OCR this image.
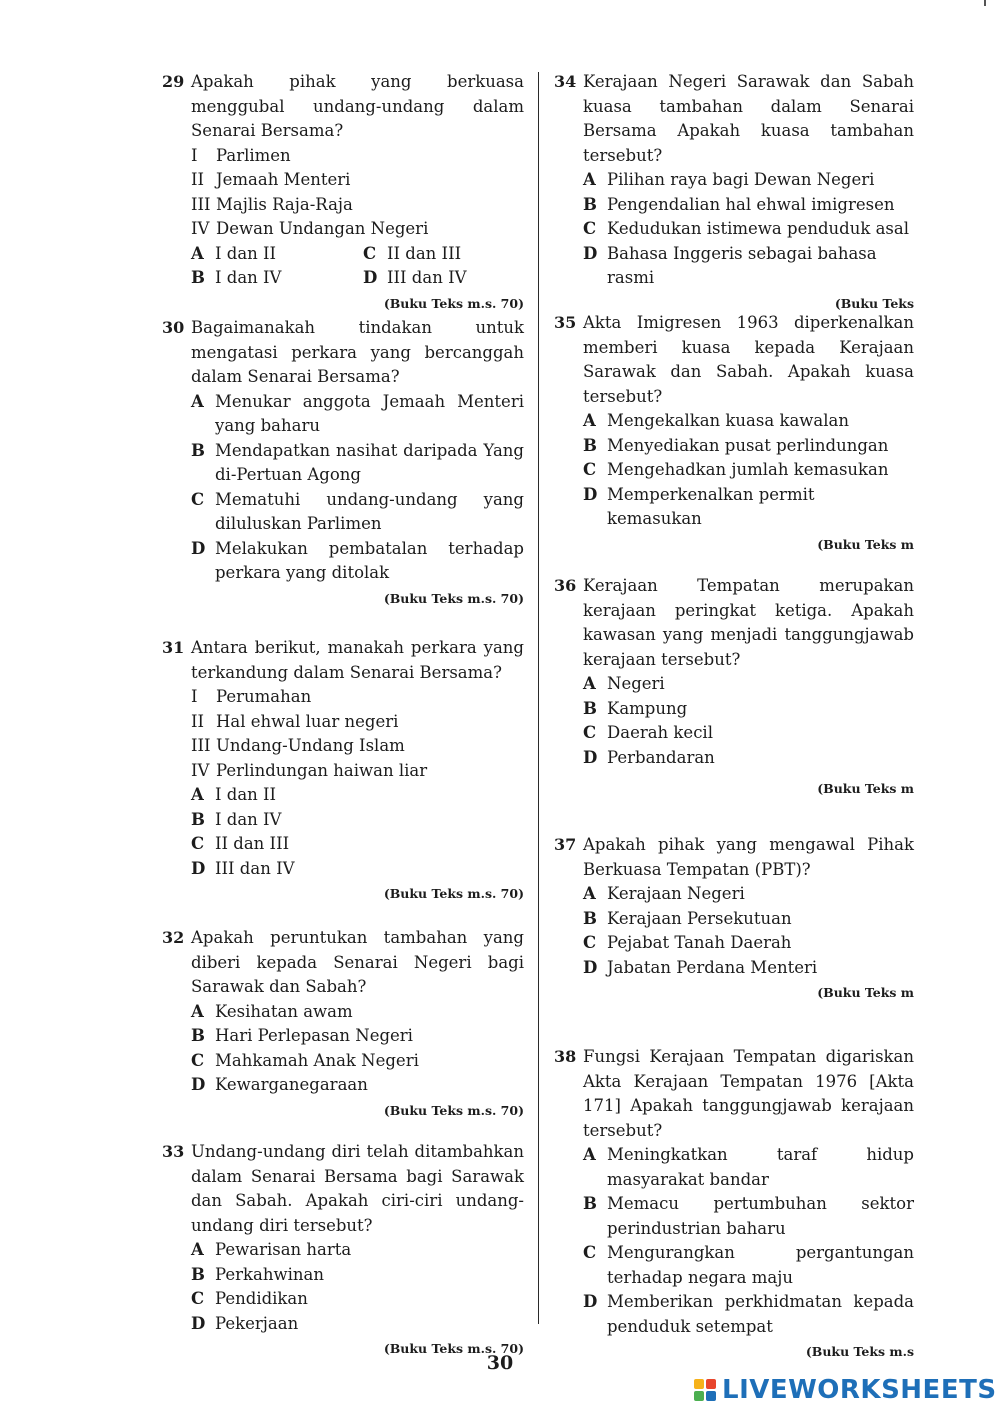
29 Apakah pihak yang berkuasa menggubal undang-undang dalam Senarai Bersama?
I	Parlimen
II Jemaah Menteri
III Majlis Raja-Raja
IV Dewan Undangan Negeri
A I dan II	C II dan III
B I dan IV	D III dan IV
(Buku Teks m.s. 70)
30 Bagaimanakah tindakan untuk mengatasi perkara yang bercanggah dalam Senarai Bersama?
A Menukar anggota Jemaah Menteri yang baharu
B Mendapatkan nasihat daripada Yang di-Pertuan Agong
C Mematuhi undang-undang yang diluluskan Parlimen
D Melakukan pembatalan terhadap perkara yang ditolak
(Buku Teks m.s. 70)
31 Antara berikut, manakah perkara yang terkandung dalam Senarai Bersama?
I	Perumahan
II Hal ehwal luar negeri
III Undang-Undang Islam
IV Perlindungan haiwan liar
A I dan II
B I dan IV
C II dan III
D III dan IV
(Buku Teks m.s. 70)
32 Apakah peruntukan tambahan yang diberi kepada Senarai Negeri bagi Sarawak dan Sabah?
A Kesihatan awam
B Hari Perlepasan Negeri
C Mahkamah Anak Negeri
D Kewarganegaraan
(Buku Teks m.s. 70)
33 Undang-undang diri telah ditambahkan dalam Senarai Bersama bagi Sarawak dan Sabah. Apakah ciri-ciri undang-undang diri tersebut?
A Pewarisan harta
B Perkahwinan
C Pendidikan
D Pekerjaan
(Buku Teks m.s. 70)
34 Kerajaan Negeri Sarawak dan Sabah kuasa tambahan dalam Senarai Bersama Apakah kuasa tambahan tersebut?
A Pilihan raya bagi Dewan Negeri
B Pengendalian hal ehwal imigresen
C Kedudukan istimewa penduduk asal
D Bahasa Inggeris sebagai bahasa rasmi
(Buku Teks
35 Akta Imigresen 1963 diperkenalkan memberi kuasa kepada Kerajaan Sarawak dan Sabah. Apakah kuasa tersebut?
A Mengekalkan kuasa kawalan
B Menyediakan pusat perlindungan
C Mengehadkan jumlah kemasukan
D Memperkenalkan permit kemasukan
(Buku Teks m
36 Kerajaan Tempatan merupakan kerajaan peringkat ketiga. Apakah kawasan yang menjadi tanggungjawab kerajaan tersebut?
A Negeri
B Kampung
C Daerah kecil
D Perbandaran
(Buku Teks m
37 Apakah pihak yang mengawal Pihak Berkuasa Tempatan (PBT)?
A Kerajaan Negeri
B Kerajaan Persekutuan
C Pejabat Tanah Daerah
D Jabatan Perdana Menteri
(Buku Teks m
38 Fungsi Kerajaan Tempatan digariskan Akta Kerajaan Tempatan 1976 [Akta 171] Apakah tanggungjawab kerajaan tersebut?
A Meningkatkan taraf hidup masyarakat bandar
B Memacu pertumbuhan sektor perindustrian baharu
C Mengurangkan pergantungan terhadap negara maju
D Memberikan perkhidmatan kepada penduduk setempat
(Buku Teks m.s
30
LIVEWORKSHEETS
